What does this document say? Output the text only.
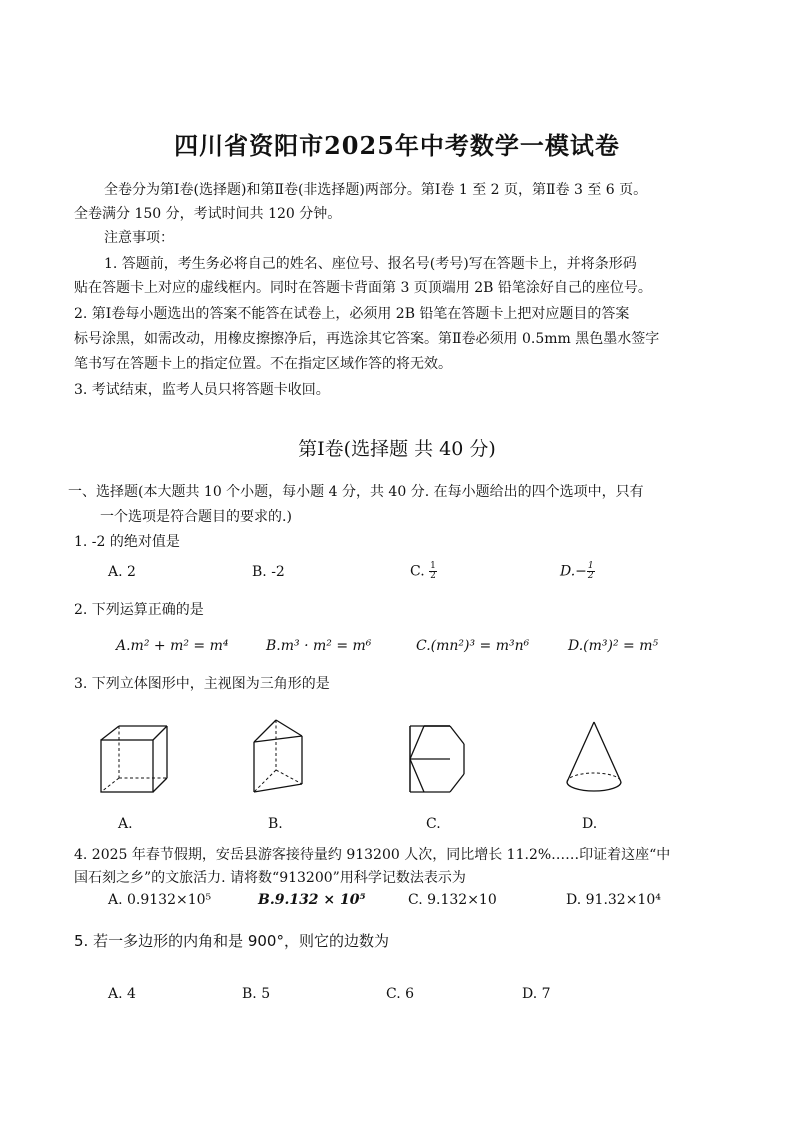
四川省资阳市2025年中考数学一模试卷
全卷分为第Ⅰ卷(选择题)和第Ⅱ卷(非选择题)两部分。第Ⅰ卷 1 至 2 页，第Ⅱ卷 3 至 6 页。
全卷满分 150 分，考试时间共 120 分钟。
注意事项：
1. 答题前，考生务必将自己的姓名、座位号、报名号(考号)写在答题卡上，并将条形码
贴在答题卡上对应的虚线框内。同时在答题卡背面第 3 页顶端用 2B 铅笔涂好自己的座位号。
2. 第Ⅰ卷每小题选出的答案不能答在试卷上，必须用 2B 铅笔在答题卡上把对应题目的答案
标号涂黑，如需改动，用橡皮擦擦净后，再选涂其它答案。第Ⅱ卷必须用 0.5mm 黑色墨水签字
笔书写在答题卡上的指定位置。不在指定区域作答的将无效。
3. 考试结束，监考人员只将答题卡收回。
第Ⅰ卷(选择题 共 40 分)
一、选择题(本大题共 10 个小题，每小题 4 分，共 40 分. 在每小题给出的四个选项中，只有
一个选项是符合题目的要求的.)
1. -2 的绝对值是
A. 2	B. -2	C. $\frac{1}{2}$	$D.- \frac{1}{2}$
2. 下列运算正确的是
A.m² + m² = m⁴	B.m³ · m² = m⁶	C.(mn²)³ = m³n⁶	D.(m³)² = m⁵
3. 下列立体图形中，主视图为三角形的是
A.	B.	C.	D.
4. 2025 年春节假期，安岳县游客接待量约 913200 人次，同比增长 11.2%……印证着这座“中
国石刻之乡”的文旅活力. 请将数“913200”用科学记数法表示为
A. 0.9132×10⁵	B.9.132 × 10⁵	C. 9.132×10	D. 91.32×10⁴
5. 若一多边形的内角和是 900°，则它的边数为
A. 4	B. 5	C. 6	D. 7
